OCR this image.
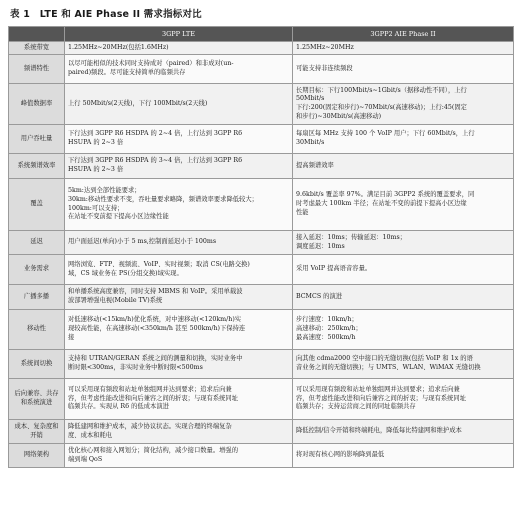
表 1　LTE 和 AIE Phase II 需求指标对比
	3GPP LTE	3GPP2 AIE Phase II
系统带宽	1.25MHz~20MHz(包括1.6MHz)	1.25MHz~20MHz

频谱特性	以尽可能相似的技术同时支持成对（paired）和非成对(un-
paired)频段。尽可能支持简单的临频共存	可能支持非连续频段

峰值数据率	上行 50Mbit/s(2天线)，下行 100Mbit/s(2天线)	长期目标：下行100Mbit/s~1Gbit/s（据移动性不同），上行
50Mbit/s
下行:200(固定和步行)~70Mbit/s(高速移动)；上行:45(固定
和步行)~30Mbit/s(高速移动)

用户吞吐量	下行达到 3GPP R6 HSDPA 的 2~4 倍，上行达到 3GPP R6
HSUPA 的 2~3 倍	每扇区每 MHz 支持 100 个 VoIP 用户；下行 60Mbit/s，上行
30Mbit/s

系统频谱效率	下行达到 3GPP R6 HSDPA 的 3~4 倍，上行达到 3GPP R6
HSUPA 的 2~3 倍	提高频谱效率

覆盖	5km:达到全部性能要求；
30km:移动性要求不变，吞吐量要求略降，频谱效率要求降低较大；
100km:可以支持；
在站址不变前提下提高小区边缘性能	9.6kbit/s 覆盖率 97%。满足目前 3GPP2 系统的覆盖要求，同
时考虑最大 100km 半径；在站址不变的前提下提高小区边缘
性能

延迟	用户面延迟(单向)小于 5 ms,控制面延迟小于 100ms	接入延迟：10ms；传输延迟：10ms；
调度延迟：10ms

业务需求	网络浏览、FTP、视频流、VoIP、实时视频；取消 CS(电路交换)
域，CS 域业务在 PS(分组交换)域实现。	采用 VoIP 提高语音容量。

广播多播	和单播系统高度兼容，同时支持 MBMS 和 VoIP。采用单载波
波部署增强电视(Mobile TV)系统	BCMCS 的演进

移动性	对低速移动(<15km/h)优化系统，对中速移动(<120km/h)实
现较高性能，在高速移动(<350km/h 甚至 500km/h)下保持连
接	步行速度：10km/h；
高速移动：250km/h；
最高速度：500km/h

系统间切换	支持和 UTRAN/GERAN 系统之间的测量和切换，实时业务中
断时限<300ms，非实时业务中断时限<500ms	向其他 cdma2000 空中接口的无缝切换(包括 VoIP 和 1x 的语
音业务之间的无缝切换)；与 UMTS、WLAN、WiMAX 无缝切换

后向兼容、共存和系统演进	可以采用现有频段和站址单独组网并达到要求；追求后向兼
容，但考虑性能改进和向后兼容之间的折衷；与现有系统同址
临频共存。实现从 R6 的低成本演进	可以采用现有频段和站址单独组网并达到要求；追求后向兼
容，但考虑性能改进和向后兼容之间的折衷；与现有系统同址
临频共存；支持运营商之间的同址临频共存

成本、复杂度和开销	降低建网和维护成本，减少协议状态。实现合理的终端复杂
度、成本和耗电	降低控制/信令开销和终端耗电，降低每比特建网和维护成本

网络架构	优化核心网和接入网划分；简化结构，减少接口数量。增强的
端到端 QoS	将对现有核心网的影响降到最低
